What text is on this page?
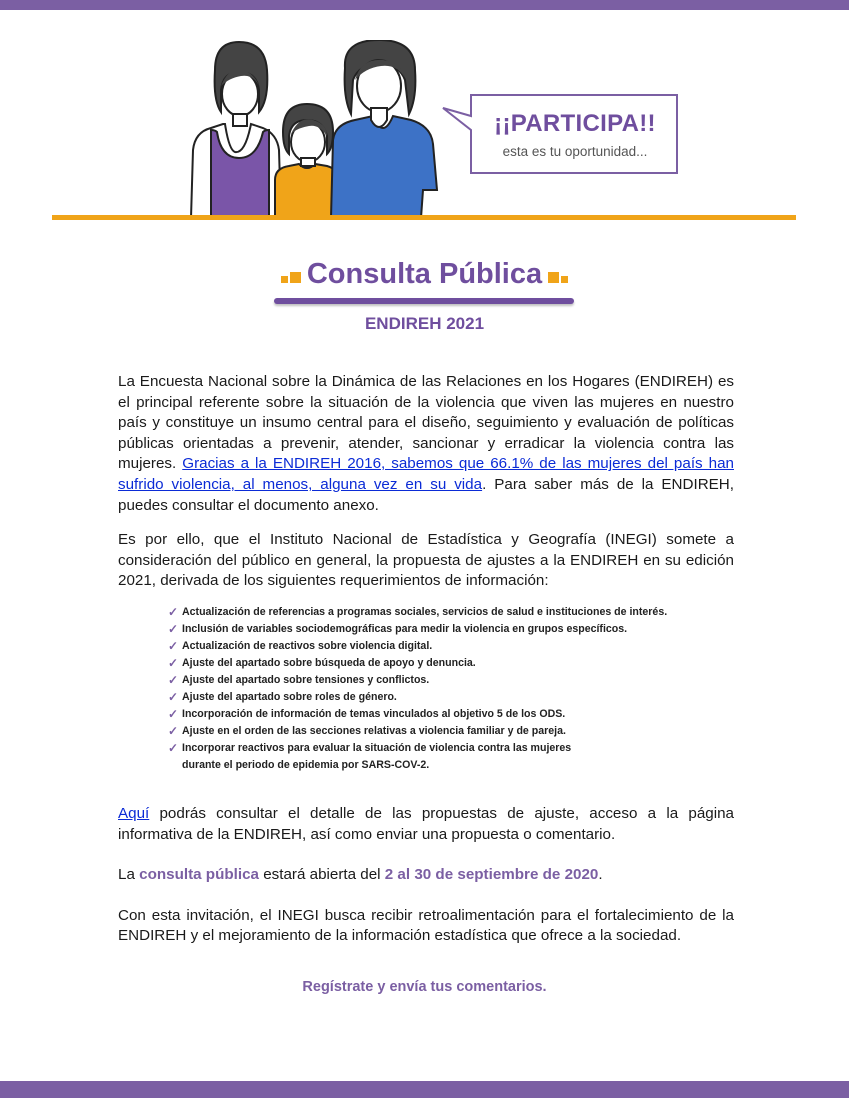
¡¡PARTICIPA!!
esta es tu oportunidad...
Consulta Pública
ENDIREH 2021

La Encuesta Nacional sobre la Dinámica de las Relaciones en los Hogares (ENDIREH) es el principal referente sobre la situación de la violencia que viven las mujeres en nuestro país y constituye un insumo central para el diseño, seguimiento y evaluación de políticas públicas orientadas a prevenir, atender, sancionar y erradicar la violencia contra las mujeres. Gracias a la ENDIREH 2016, sabemos que 66.1% de las mujeres del país han sufrido violencia, al menos, alguna vez en su vida. Para saber más de la ENDIREH, puedes consultar el documento anexo.

Es por ello, que el Instituto Nacional de Estadística y Geografía (INEGI) somete a consideración del público en general, la propuesta de ajustes a la ENDIREH en su edición 2021, derivada de los siguientes requerimientos de información:

✓ Actualización de referencias a programas sociales, servicios de salud e instituciones de interés.
✓ Inclusión de variables sociodemográficas para medir la violencia en grupos específicos.
✓ Actualización de reactivos sobre violencia digital.
✓ Ajuste del apartado sobre búsqueda de apoyo y denuncia.
✓ Ajuste del apartado sobre tensiones y conflictos.
✓ Ajuste del apartado sobre roles de género.
✓ Incorporación de información de temas vinculados al objetivo 5 de los ODS.
✓ Ajuste en el orden de las secciones relativas a violencia familiar y de pareja.
✓ Incorporar reactivos para evaluar la situación de violencia contra las mujeres durante el periodo de epidemia por SARS-COV-2.

Aquí podrás consultar el detalle de las propuestas de ajuste, acceso a la página informativa de la ENDIREH, así como enviar una propuesta o comentario.

La consulta pública estará abierta del 2 al 30 de septiembre de 2020.

Con esta invitación, el INEGI busca recibir retroalimentación para el fortalecimiento de la ENDIREH y el mejoramiento de la información estadística que ofrece a la sociedad.

Regístrate y envía tus comentarios.
